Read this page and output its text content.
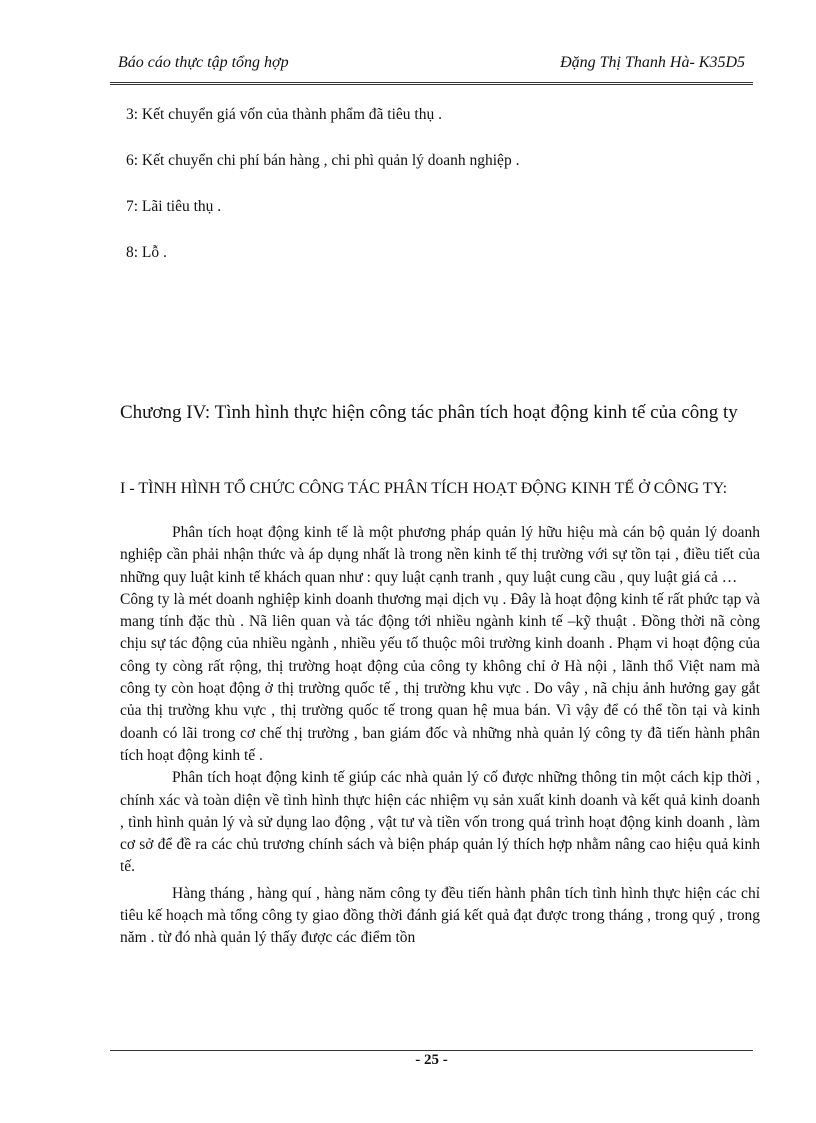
Báo cáo thực tập tổng hợp	Đặng Thị Thanh Hà- K35D5
3: Kết chuyển giá vốn của thành phẩm đã tiêu thụ .
6: Kết chuyển chi phí bán hàng , chi phì quản lý doanh nghiệp .
7: Lãi tiêu thụ .
8: Lỗ .
Chương IV: Tình hình thực hiện công tác phân tích hoạt động kinh tế của công ty
I - TÌNH HÌNH TỔ CHỨC CÔNG TÁC PHÂN TÍCH HOẠT ĐỘNG KINH TẾ Ở CÔNG TY:

Phân tích hoạt động kinh tế là một phương pháp quản lý hữu hiệu mà cán bộ quản lý doanh nghiệp cần phải nhận thức và áp dụng nhất là trong nền kinh tế thị trường với sự tồn tại , điều tiết của những quy luật kinh tế khách quan như : quy luật cạnh tranh , quy luật cung cầu , quy luật giá cả …

Công ty là mét doanh nghiệp kinh doanh thương mại dịch vụ . Đây là hoạt động kinh tế rất phức tạp và mang tính đặc thù . Nã liên quan và tác động tới nhiều ngành kinh tế –kỹ thuật . Đồng thời nã còng chịu sự tác động của nhiều ngành , nhiều yếu tố thuộc môi trường kinh doanh . Phạm vi hoạt động của công ty còng rất rộng, thị trường hoạt động của công ty không chỉ ở Hà nội , lãnh thổ Việt nam mà công ty còn hoạt động ở thị trường quốc tế , thị trường khu vực . Do vây , nã chịu ảnh hưởng gay gắt của thị trường khu vực , thị trường quốc tế trong quan hệ mua bán. Vì vậy để có thể tồn tại và kinh doanh có lãi trong cơ chế thị trường , ban giám đốc và những nhà quản lý công ty đã tiến hành phân tích hoạt động kinh tế .

Phân tích hoạt động kinh tế giúp các nhà quản lý cố được những thông tin một cách kịp thời , chính xác và toàn diện về tình hình thực hiện các nhiệm vụ sản xuất kinh doanh và kết quả kinh doanh , tình hình quản lý và sử dụng lao động , vật tư và tiền vốn trong quá trình hoạt động kinh doanh , làm cơ sở để đề ra các chủ trương chính sách và biện pháp quản lý thích hợp nhằm nâng cao hiệu quả kinh tế.

Hàng tháng , hàng quí , hàng năm công ty đều tiến hành phân tích tình hình thực hiện các chỉ tiêu kế hoạch mà tổng công ty giao đồng thời đánh giá kết quả đạt được trong tháng , trong quý , trong năm . từ đó nhà quản lý thấy được các điểm tồn

- 25 -
